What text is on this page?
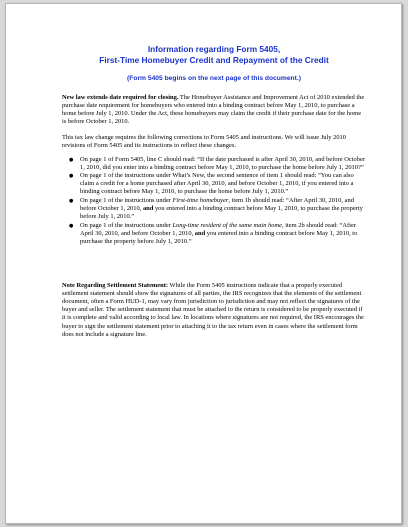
Information regarding Form 5405,
First-Time Homebuyer Credit and Repayment of the Credit
(Form 5405 begins on the next page of this document.)

New law extends date required for closing. The Homebuyer Assistance and Improvement Act of 2010 extended the purchase date requirement for homebuyers who entered into a binding contract before May 1, 2010, to purchase a home before July 1, 2010. Under the Act, these homebuyers may claim the credit if their purchase date for the home is before October 1, 2010.

This tax law change requires the following corrections to Form 5405 and instructions. We will issue July 2010 revisions of Form 5405 and its instructions to reflect these changes.

● On page 1 of Form 5405, line C should read: “If the date purchased is after April 30, 2010, and before October 1, 2010, did you enter into a binding contract before May 1, 2010, to purchase the home before July 1, 2010?”
● On page 1 of the instructions under What’s New, the second sentence of item 1 should read: “You can also claim a credit for a home purchased after April 30, 2010, and before October 1, 2010, if you entered into a binding contract before May 1, 2010, to purchase the home before July 1, 2010.”
● On page 1 of the instructions under First-time homebuyer, item 1b should read: “After April 30, 2010, and before October 1, 2010, and you entered into a binding contract before May 1, 2010, to purchase the property before July 1, 2010.”
● On page 1 of the instructions under Long-time resident of the same main home, item 2b should read: “After April 30, 2010, and before October 1, 2010, and you entered into a binding contract before May 1, 2010, to purchase the property before July 1, 2010.”

Note Regarding Settlement Statement: While the Form 5405 instructions indicate that a properly executed settlement statement should show the signatures of all parties, the IRS recognizes that the elements of the settlement document, often a Form HUD-1, may vary from jurisdiction to jurisdiction and may not reflect the signatures of the buyer and seller. The settlement statement that must be attached to the return is considered to be properly executed if it is complete and valid according to local law. In locations where signatures are not required, the IRS encourages the buyer to sign the settlement statement prior to attaching it to the tax return even in cases where the settlement form does not include a signature line.
